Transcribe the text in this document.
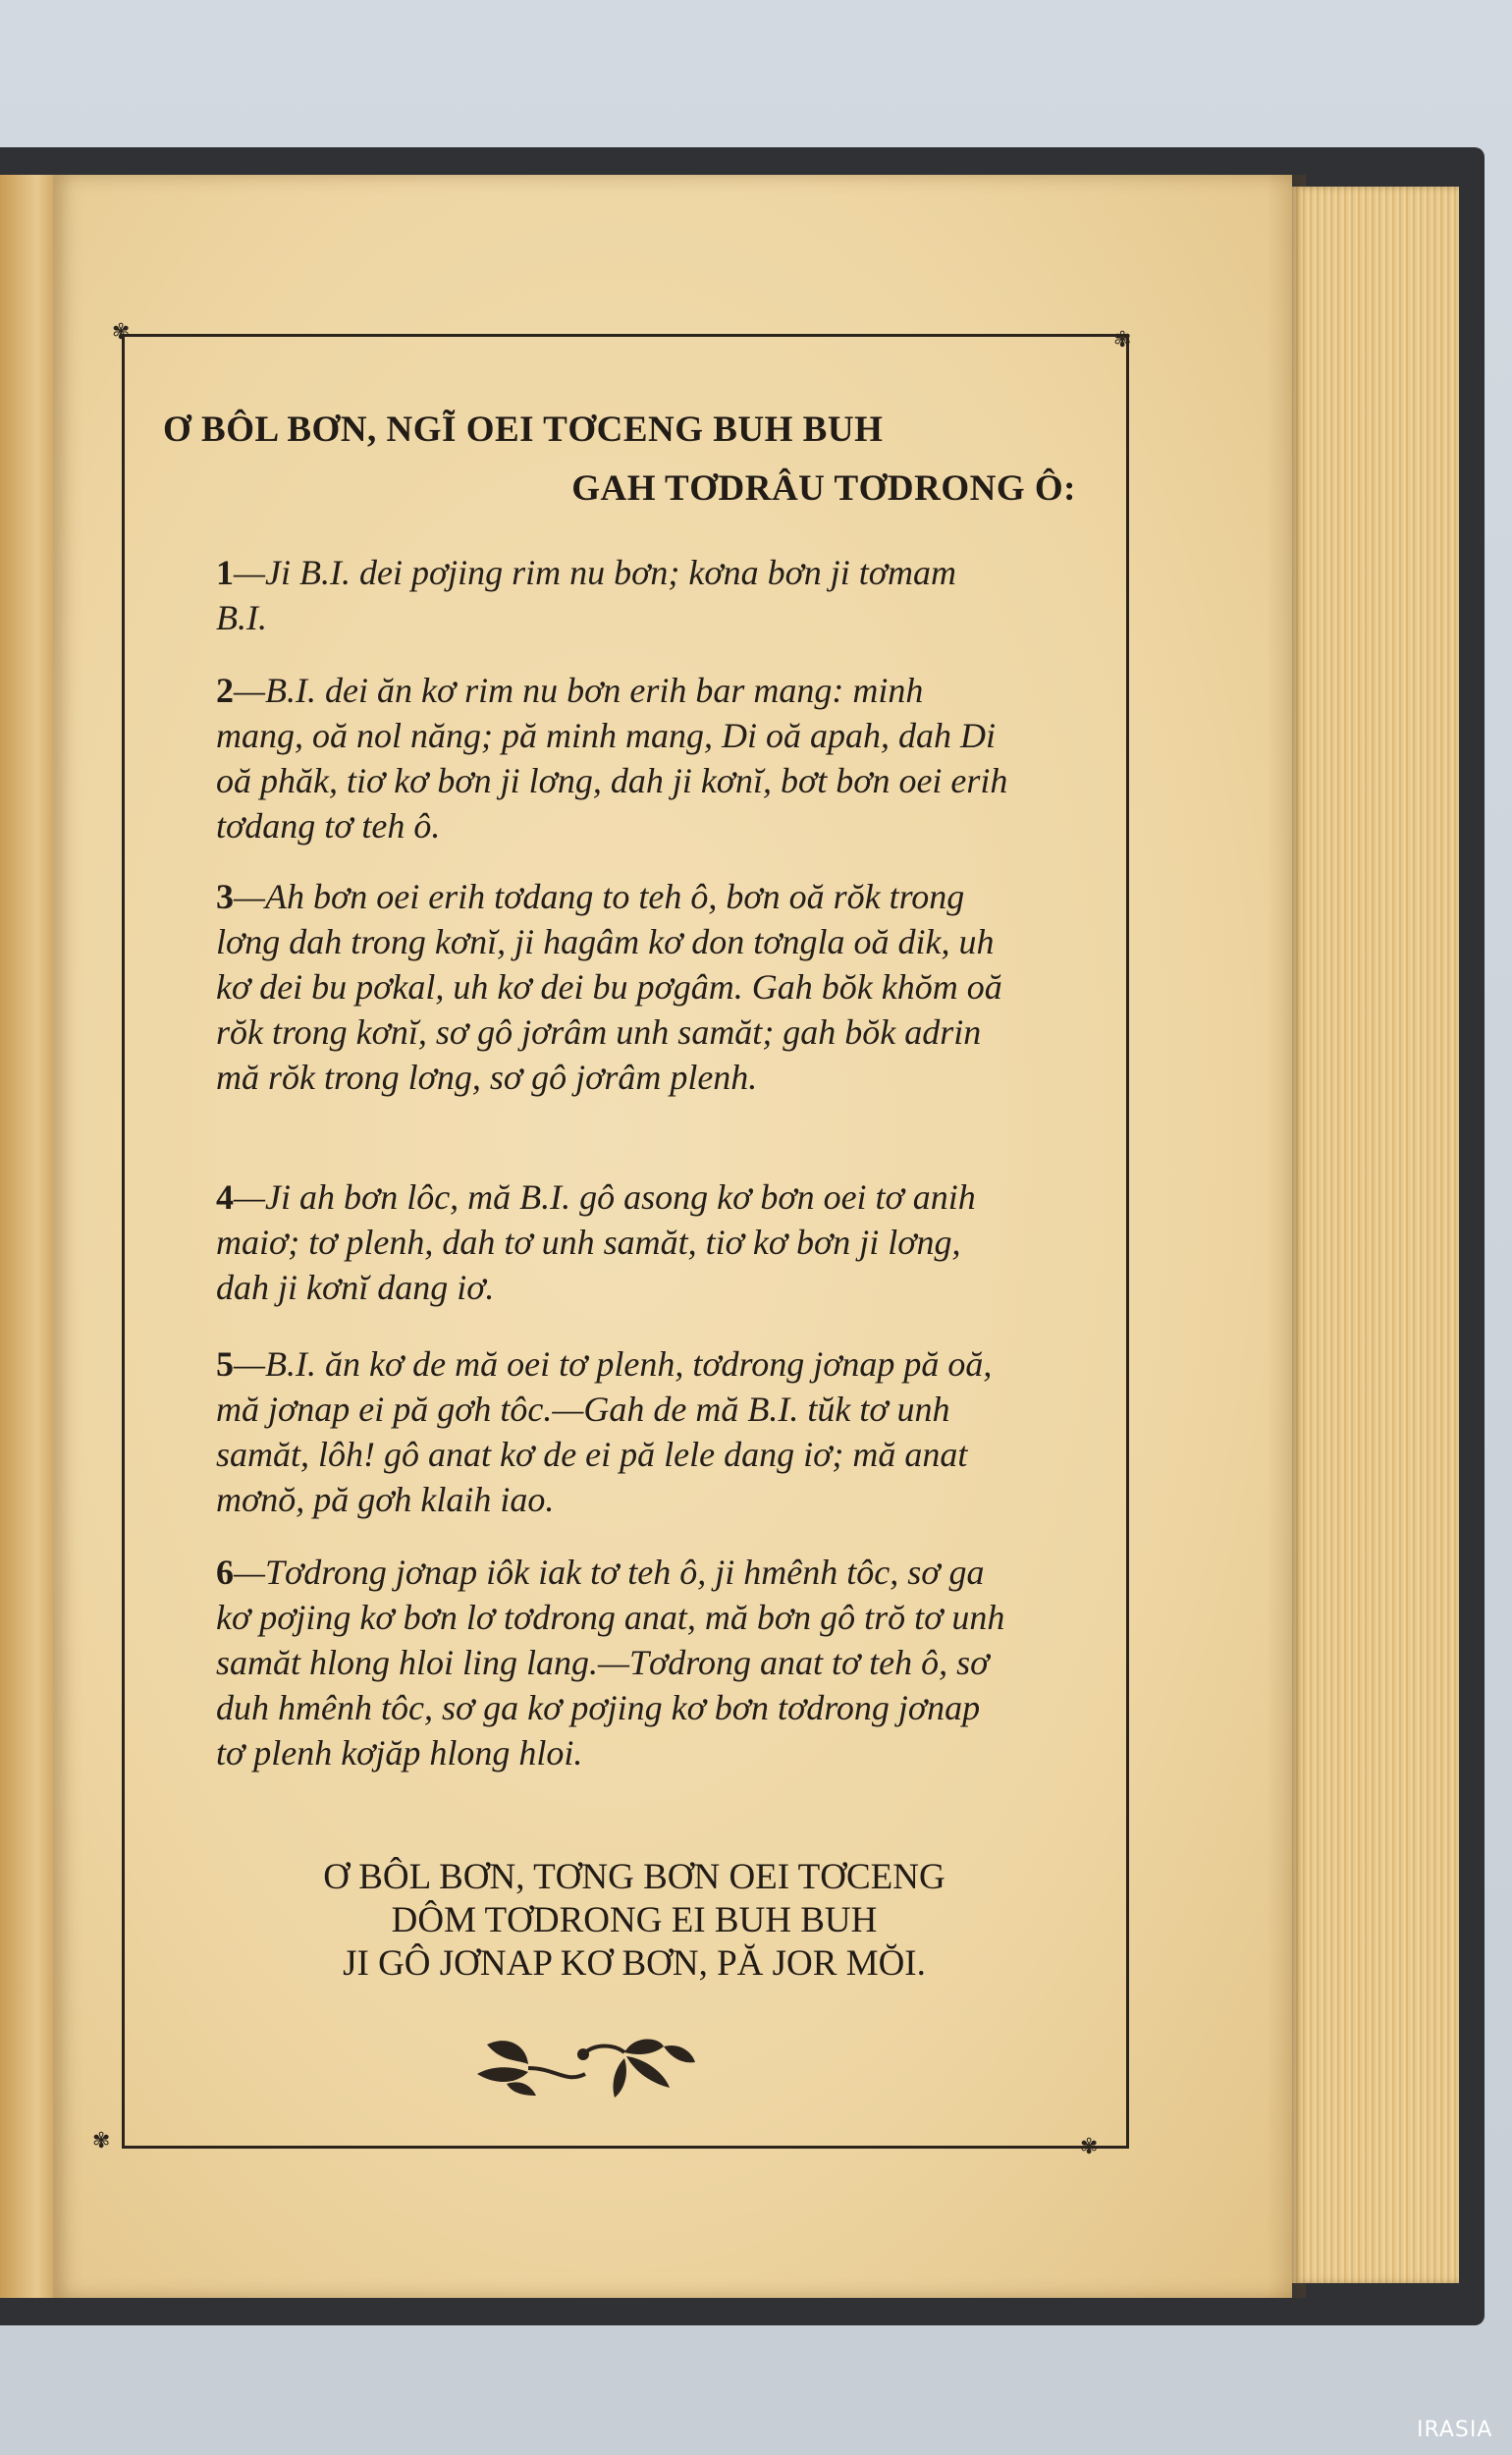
✾	✾
✾	✾
Ơ BÔL BƠN, NGĨ OEI TƠCENG BUH BUH
GAH TƠDRÂU TƠDRONG Ô:
1—Ji B.I. dei pơjing rim nu bơn; kơna bơn ji tơmam B.I.
2—B.I. dei ăn kơ rim nu bơn erih bar mang: minh mang, oă nol năng; pă minh mang, Di oă apah, dah Di oă phăk, tiơ kơ bơn ji lơng, dah ji kơnĭ, bơt bơn oei erih tơdang tơ teh ô.
3—Ah bơn oei erih tơdang to teh ô, bơn oă rŏk trong lơng dah trong kơnĭ, ji hagâm kơ don tơngla oă dik, uh kơ dei bu pơkal, uh kơ dei bu pơgâm. Gah bŏk khŏm oă rŏk trong kơnĭ, sơ gô jơrâm unh samăt; gah bŏk adrin mă rŏk trong lơng, sơ gô jơrâm plenh.
4—Ji ah bơn lôc, mă B.I. gô asong kơ bơn oei tơ anih maiơ; tơ plenh, dah tơ unh samăt, tiơ kơ bơn ji lơng, dah ji kơnĭ dang iơ.
5—B.I. ăn kơ de mă oei tơ plenh, tơdrong jơnap pă oă, mă jơnap ei pă gơh tôc.—Gah de mă B.I. tŭk tơ unh samăt, lôh! gô anat kơ de ei pă lele dang iơ; mă anat mơnŏ, pă gơh klaih iao.
6—Tơdrong jơnap iôk iak tơ teh ô, ji hmênh tôc, sơ ga kơ pơjing kơ bơn lơ tơdrong anat, mă bơn gô trŏ tơ unh samăt hlong hloi ling lang.—Tơdrong anat tơ teh ô, sơ duh hmênh tôc, sơ ga kơ pơjing kơ bơn tơdrong jơnap tơ plenh kơjăp hlong hloi.
Ơ BÔL BƠN, TƠNG BƠN OEI TƠCENG
DÔM TƠDRONG EI BUH BUH
JI GÔ JƠNAP KƠ BƠN, PĂ JOR MŎI.
IRASIA
